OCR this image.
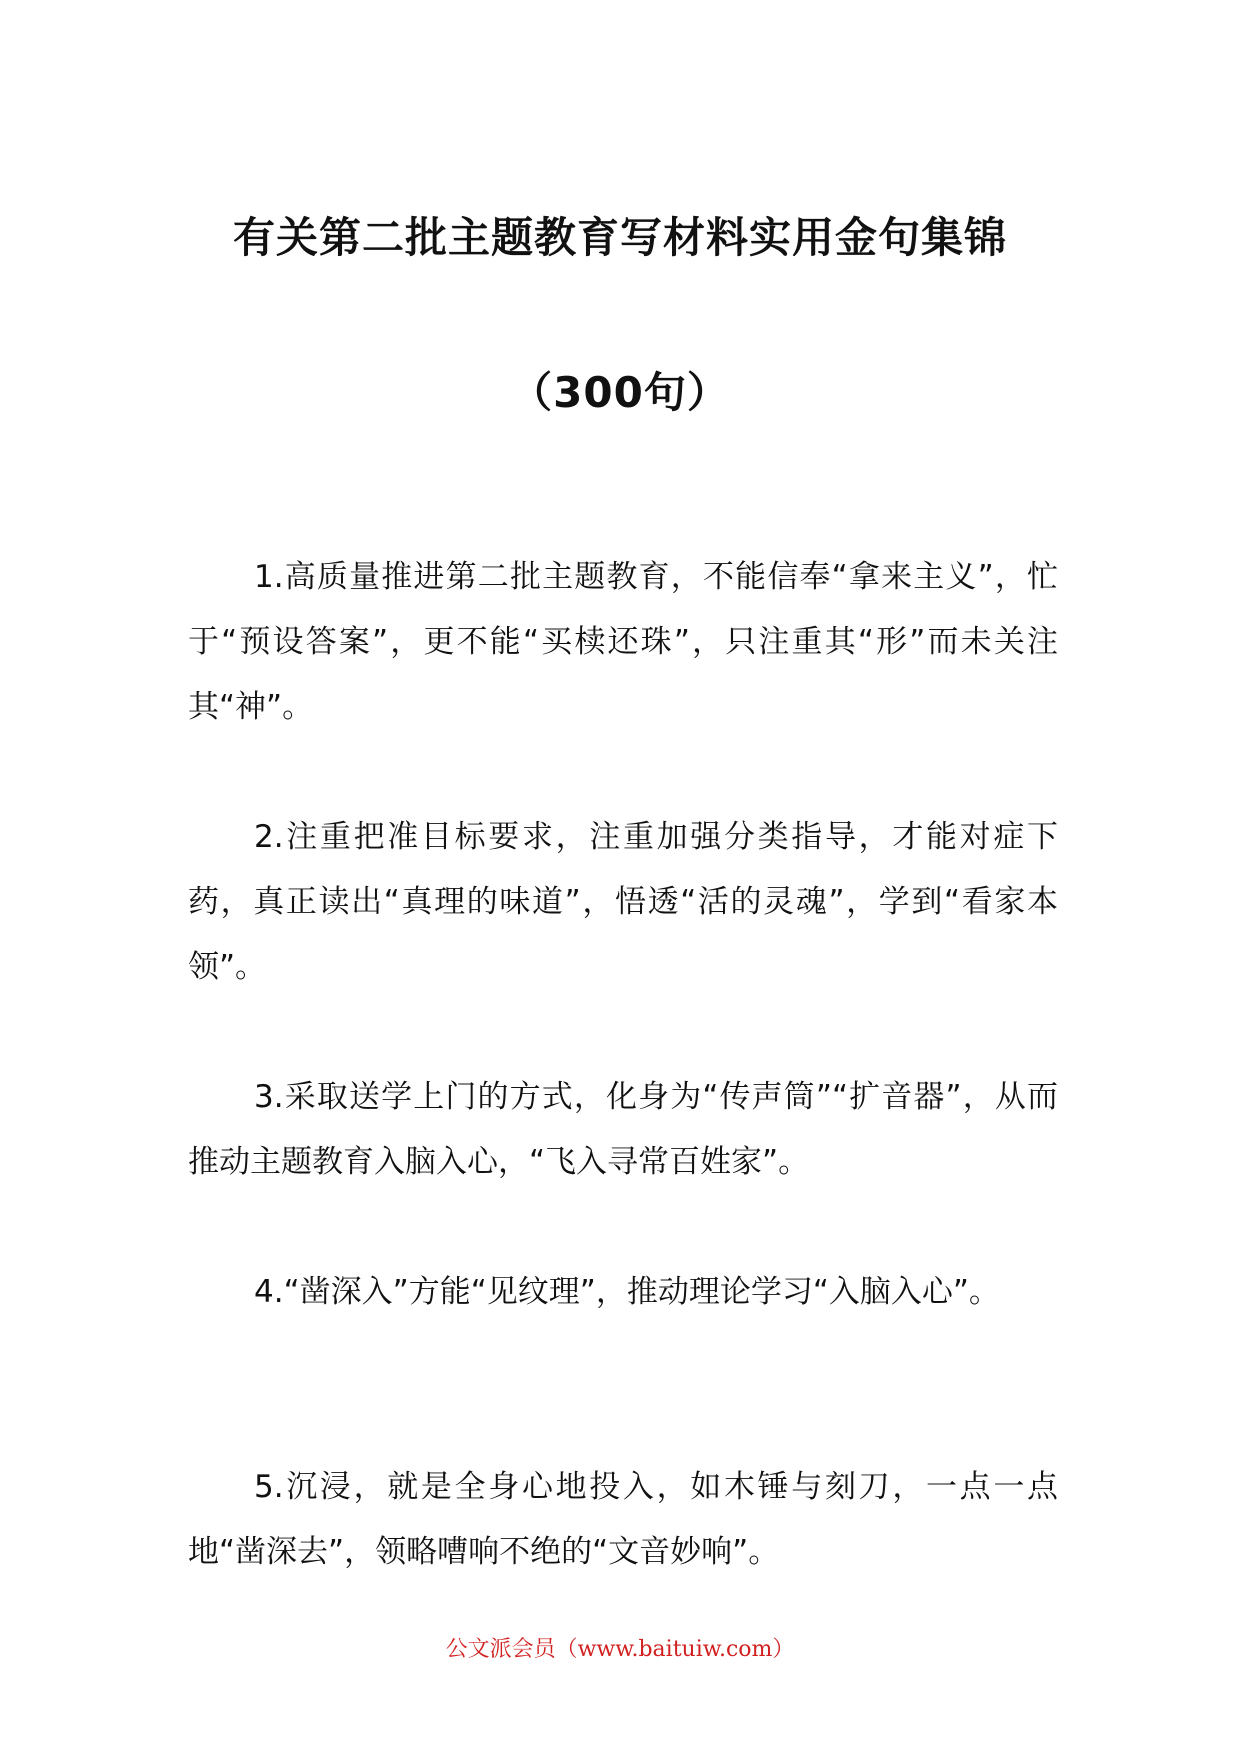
有关第二批主题教育写材料实用金句集锦
（300句）

1.高质量推进第二批主题教育，不能信奉“拿来主义”，忙于“预设答案”，更不能“买椟还珠”，只注重其“形”而未关注其“神”。

2.注重把准目标要求，注重加强分类指导，才能对症下药，真正读出“真理的味道”，悟透“活的灵魂”，学到“看家本领”。

3.采取送学上门的方式，化身为“传声筒”“扩音器”，从而推动主题教育入脑入心，“飞入寻常百姓家”。

4.“凿深入”方能“见纹理”，推动理论学习“入脑入心”。

5.沉浸，就是全身心地投入，如木锤与刻刀，一点一点地“凿深去”，领略嘈响不绝的“文音妙响”。

公文派会员（www.baituiw.com）
